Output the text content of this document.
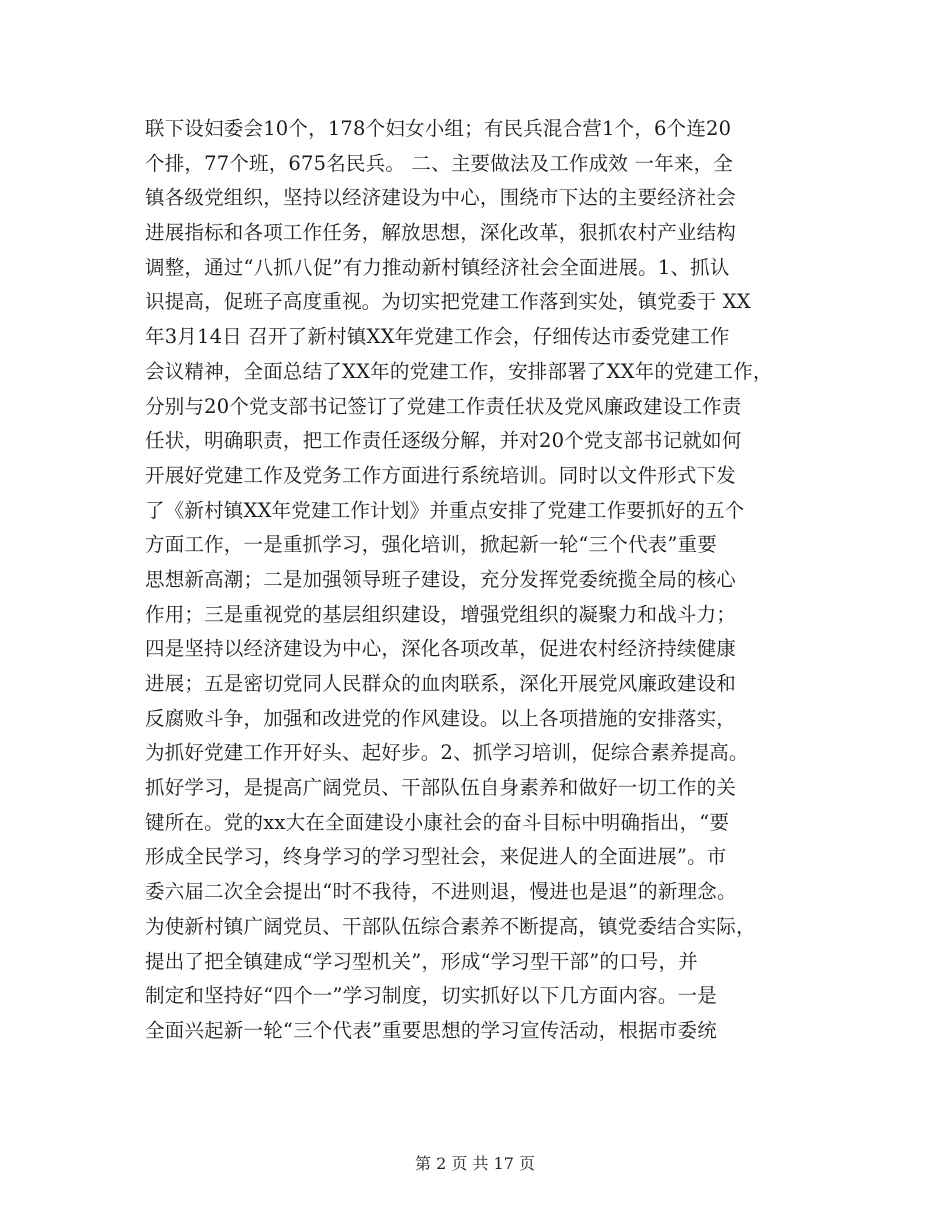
联下设妇委会10个，178个妇女小组；有民兵混合营1个，6个连20
个排，77个班，675名民兵。 二、主要做法及工作成效 一年来，全
镇各级党组织，坚持以经济建设为中心，围绕市下达的主要经济社会
进展指标和各项工作任务，解放思想，深化改革，狠抓农村产业结构
调整，通过“八抓八促”有力推动新村镇经济社会全面进展。1、抓认
识提高，促班子高度重视。为切实把党建工作落到实处，镇党委于 XX
年3月14日 召开了新村镇XX年党建工作会，仔细传达市委党建工作
会议精神，全面总结了XX年的党建工作，安排部署了XX年的党建工作，
分别与20个党支部书记签订了党建工作责任状及党风廉政建设工作责
任状，明确职责，把工作责任逐级分解，并对20个党支部书记就如何
开展好党建工作及党务工作方面进行系统培训。同时以文件形式下发
了《新村镇XX年党建工作计划》并重点安排了党建工作要抓好的五个
方面工作，一是重抓学习，强化培训，掀起新一轮“三个代表”重要
思想新高潮；二是加强领导班子建设，充分发挥党委统揽全局的核心
作用；三是重视党的基层组织建设，增强党组织的凝聚力和战斗力；
四是坚持以经济建设为中心，深化各项改革，促进农村经济持续健康
进展；五是密切党同人民群众的血肉联系，深化开展党风廉政建设和
反腐败斗争，加强和改进党的作风建设。以上各项措施的安排落实，
为抓好党建工作开好头、起好步。2、抓学习培训，促综合素养提高。
抓好学习，是提高广阔党员、干部队伍自身素养和做好一切工作的关
键所在。党的xx大在全面建设小康社会的奋斗目标中明确指出，“要
形成全民学习，终身学习的学习型社会，来促进人的全面进展”。市
委六届二次全会提出“时不我待，不进则退，慢进也是退”的新理念。
为使新村镇广阔党员、干部队伍综合素养不断提高，镇党委结合实际，
提出了把全镇建成“学习型机关”，形成“学习型干部”的口号，并
制定和坚持好“四个一”学习制度，切实抓好以下几方面内容。一是
全面兴起新一轮“三个代表”重要思想的学习宣传活动，根据市委统
第 2 页 共 17 页
